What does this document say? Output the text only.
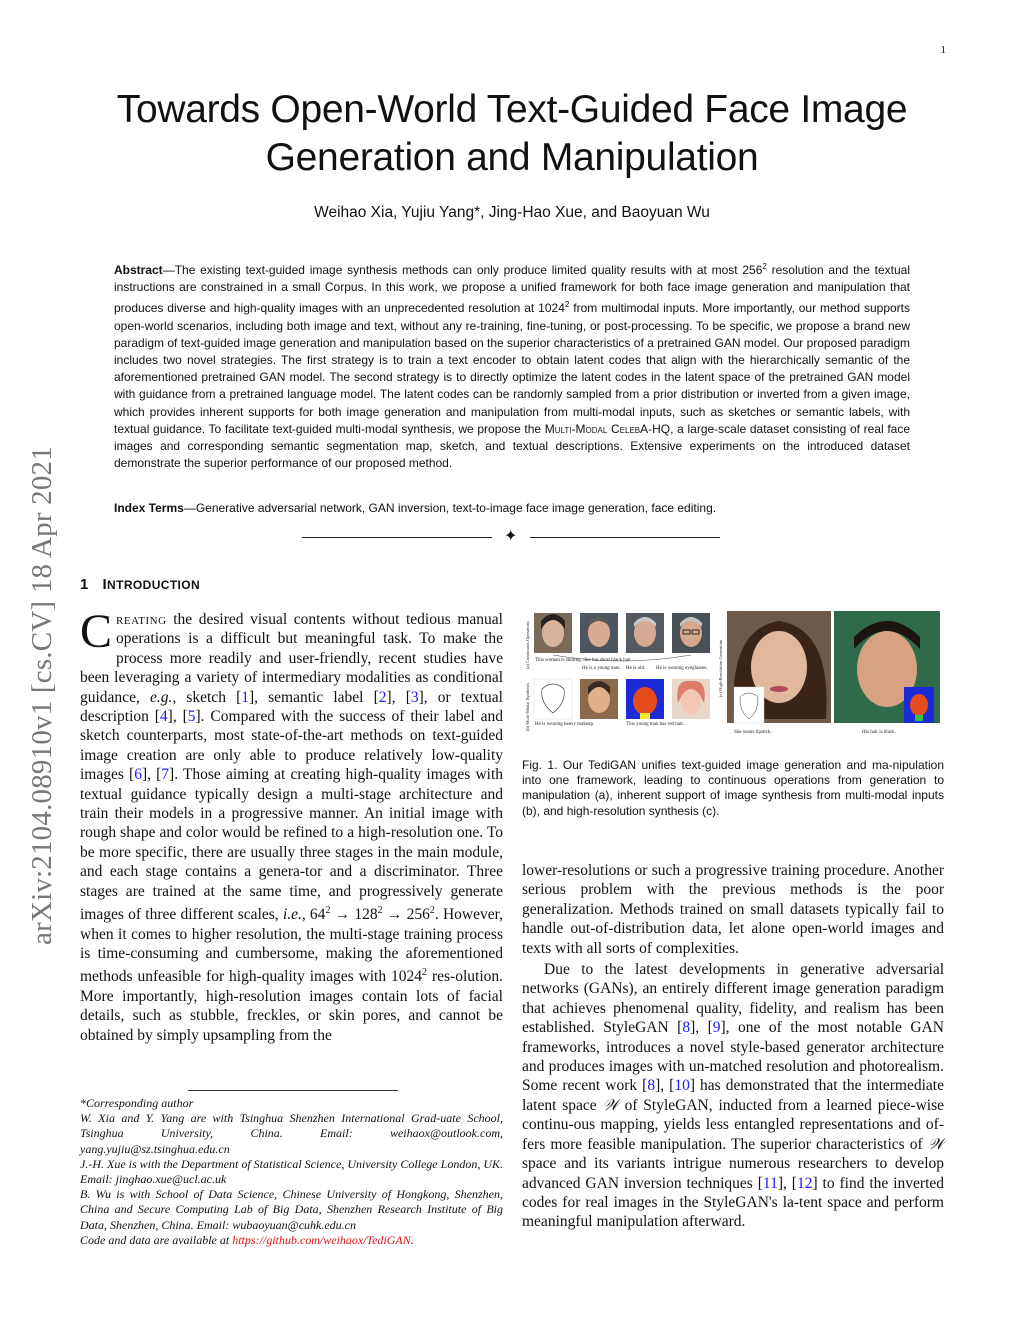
1
Towards Open-World Text-Guided Face Image
Generation and Manipulation
Weihao Xia, Yujiu Yang*, Jing-Hao Xue, and Baoyuan Wu
Abstract—The existing text-guided image synthesis methods can only produce limited quality results with at most $256^2$ resolution and the textual instructions are constrained in a small Corpus. In this work, we propose a unified framework for both face image generation and manipulation that produces diverse and high-quality images with an unprecedented resolution at 1024$^2$ from multimodal inputs. More importantly, our method supports open-world scenarios, including both image and text, without any re-training, fine-tuning, or post-processing. To be specific, we propose a brand new paradigm of text-guided image generation and manipulation based on the superior characteristics of a pretrained GAN model. Our proposed paradigm includes two novel strategies. The first strategy is to train a text encoder to obtain latent codes that align with the hierarchically semantic of the aforementioned pretrained GAN model. The second strategy is to directly optimize the latent codes in the latent space of the pretrained GAN model with guidance from a pretrained language model. The latent codes can be randomly sampled from a prior distribution or inverted from a given image, which provides inherent supports for both image generation and manipulation from multi-modal inputs, such as sketches or semantic labels, with textual guidance. To facilitate text-guided multi-modal synthesis, we propose the Multi-Modal CelebA-HQ, a large-scale dataset consisting of real face images and corresponding semantic segmentation map, sketch, and textual descriptions. Extensive experiments on the introduced dataset demonstrate the superior performance of our proposed method.
Index Terms—Generative adversarial network, GAN inversion, text-to-image face image generation, face editing.
✦
arXiv:2104.08910v1 [cs.CV] 18 Apr 2021 1 INTRODUCTION
Creating the desired visual contents without tedious manual operations is a difficult but meaningful task. To make the process more readily and user-friendly, recent studies have been leveraging a variety of intermediary modalities as conditional guidance, e.g., sketch [1], semantic label [2], [3], or textual description [4], [5]. Compared with the success of their label and sketch counterparts, most state-of-the-art methods on text-guided image creation are only able to produce relatively low-quality images [6], [7]. Those aiming at creating high-quality images with textual guidance typically design a multi-stage architecture and train their models in a progressive manner. An initial image with rough shape and color would be refined to a high-resolution one. To be more specific, there are usually three stages in the main module, and each stage contains a genera-tor and a discriminator. Three stages are trained at the same time, and progressively generate images of three different scales, i.e., $64^2 \to 128^2 \to 256^2$. However, when it comes to higher resolution, the multi-stage training process is time-consuming and cumbersome, making the aforementioned methods unfeasible for high-quality images with 1024$^2$ res-olution. More importantly, high-resolution images contain lots of facial details, such as stubble, freckles, or skin pores, and cannot be obtained by simply upsampling from the

*Corresponding author

W. Xia and Y. Yang are with Tsinghua Shenzhen International Grad-uate School, Tsinghua University, China. Email: weihaox@outlook.com, yang.yujiu@sz.tsinghua.edu.cn

J.-H. Xue is with the Department of Statistical Science, University College London, UK. Email: jinghao.xue@ucl.ac.uk

B. Wu is with School of Data Science, Chinese University of Hongkong, Shenzhen, China and Secure Computing Lab of Big Data, Shenzhen Research Institute of Big Data, Shenzhen, China. Email: wubaoyuan@cuhk.edu.cn

Code and data are available at https://github.com/weihaox/TediGAN.

(a) Continuous Operations
(b) Multi-Modal Synthesis
This woman is smiling. She has short black hair.
He is a young man. He is old. He is wearing eyeglasses.
He is wearing heavy makeup.	This young man has red hair.
(c) High-Resolution Generation
She wears lipstick.	His hair is black.
Fig. 1. Our TediGAN unifies text-guided image generation and ma-nipulation into one framework, leading to continuous operations from generation to manipulation (a), inherent support of image synthesis from multi-modal inputs (b), and high-resolution synthesis (c).

lower-resolutions or such a progressive training procedure. Another serious problem with the previous methods is the poor generalization. Methods trained on small datasets typically fail to handle out-of-distribution data, let alone open-world images and texts with all sorts of complexities.

Due to the latest developments in generative adversarial networks (GANs), an entirely different image generation paradigm that achieves phenomenal quality, fidelity, and realism has been established. StyleGAN [8], [9], one of the most notable GAN frameworks, introduces a novel style-based generator architecture and produces images with un-matched resolution and photorealism. Some recent work [8], [10] has demonstrated that the intermediate latent space 𝒲 of StyleGAN, inducted from a learned piece-wise continu-ous mapping, yields less entangled representations and of-fers more feasible manipulation. The superior characteristics of 𝒲 space and its variants intrigue numerous researchers to develop advanced GAN inversion techniques [11], [12] to find the inverted codes for real images in the StyleGAN's la-tent space and perform meaningful manipulation afterward.
